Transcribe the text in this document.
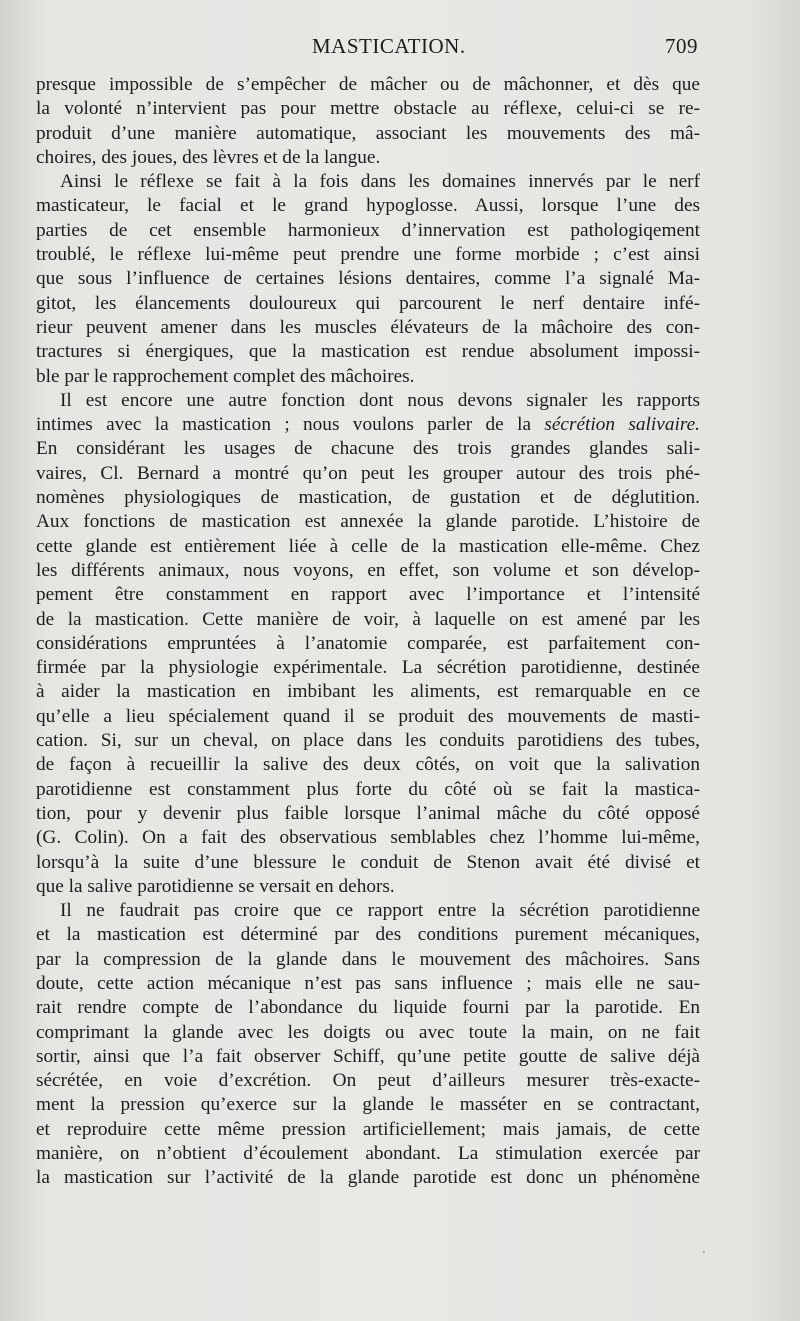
MASTICATION.	709
presque impossible de s’empêcher de mâcher ou de mâchonner, et dès que
la volonté n’intervient pas pour mettre obstacle au réflexe, celui-ci se re-
produit d’une manière automatique, associant les mouvements des mâ-
choires, des joues, des lèvres et de la langue.
Ainsi le réflexe se fait à la fois dans les domaines innervés par le nerf
masticateur, le facial et le grand hypoglosse. Aussi, lorsque l’une des
parties de cet ensemble harmonieux d’innervation est pathologiqement
troublé, le réflexe lui-même peut prendre une forme morbide ; c’est ainsi
que sous l’influence de certaines lésions dentaires, comme l’a signalé Ma-
gitot, les élancements douloureux qui parcourent le nerf dentaire infé-
rieur peuvent amener dans les muscles élévateurs de la mâchoire des con-
tractures si énergiques, que la mastication est rendue absolument impossi-
ble par le rapprochement complet des mâchoires.
Il est encore une autre fonction dont nous devons signaler les rapports
intimes avec la mastication ; nous voulons parler de la sécrétion salivaire.
En considérant les usages de chacune des trois grandes glandes sali-
vaires, Cl. Bernard a montré qu’on peut les grouper autour des trois phé-
nomènes physiologiques de mastication, de gustation et de déglutition.
Aux fonctions de mastication est annexée la glande parotide. L’histoire de
cette glande est entièrement liée à celle de la mastication elle-même. Chez
les différents animaux, nous voyons, en effet, son volume et son dévelop-
pement être constamment en rapport avec l’importance et l’intensité
de la mastication. Cette manière de voir, à laquelle on est amené par les
considérations empruntées à l’anatomie comparée, est parfaitement con-
firmée par la physiologie expérimentale. La sécrétion parotidienne, destinée
à aider la mastication en imbibant les aliments, est remarquable en ce
qu’elle a lieu spécialement quand il se produit des mouvements de masti-
cation. Si, sur un cheval, on place dans les conduits parotidiens des tubes,
de façon à recueillir la salive des deux côtés, on voit que la salivation
parotidienne est constamment plus forte du côté où se fait la mastica-
tion, pour y devenir plus faible lorsque l’animal mâche du côté opposé
(G. Colin). On a fait des observatious semblables chez l’homme lui-même,
lorsqu’à la suite d’une blessure le conduit de Stenon avait été divisé et
que la salive parotidienne se versait en dehors.
Il ne faudrait pas croire que ce rapport entre la sécrétion parotidienne
et la mastication est déterminé par des conditions purement mécaniques,
par la compression de la glande dans le mouvement des mâchoires. Sans
doute, cette action mécanique n’est pas sans influence ; mais elle ne sau-
rait rendre compte de l’abondance du liquide fourni par la parotide. En
comprimant la glande avec les doigts ou avec toute la main, on ne fait
sortir, ainsi que l’a fait observer Schiff, qu’une petite goutte de salive déjà
sécrétée, en voie d’excrétion. On peut d’ailleurs mesurer très-exacte-
ment la pression qu’exerce sur la glande le masséter en se contractant,
et reproduire cette même pression artificiellement; mais jamais, de cette
manière, on n’obtient d’écoulement abondant. La stimulation exercée par
la mastication sur l’activité de la glande parotide est donc un phénomène
·
